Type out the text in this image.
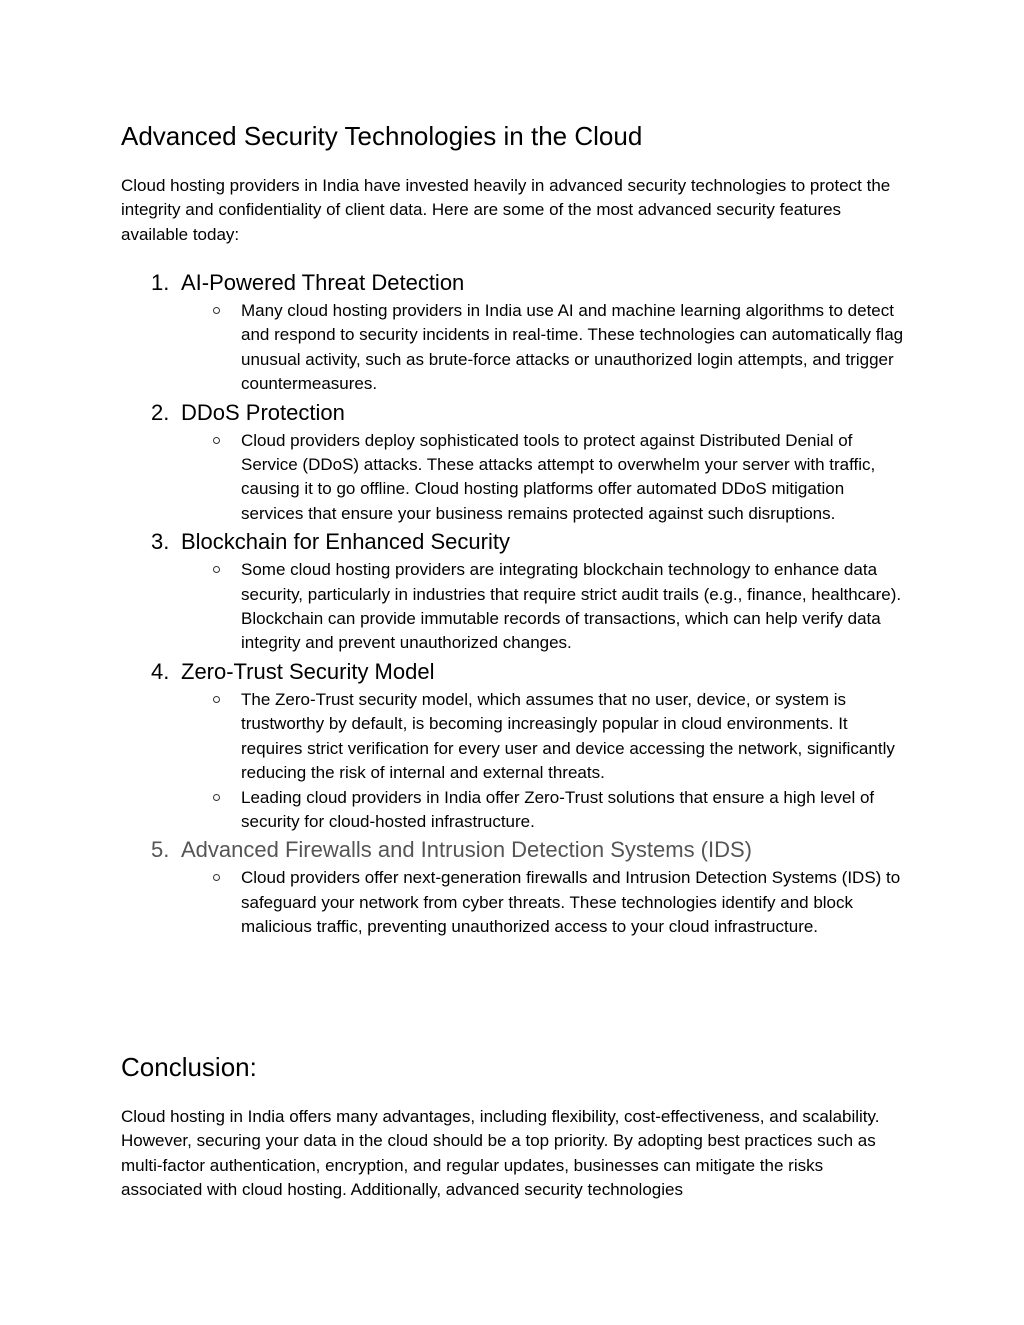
Advanced Security Technologies in the Cloud

Cloud hosting providers in India have invested heavily in advanced security technologies to protect the integrity and confidentiality of client data. Here are some of the most advanced security features available today:

1. AI-Powered Threat Detection
Many cloud hosting providers in India use AI and machine learning algorithms to detect and respond to security incidents in real-time. These technologies can automatically flag unusual activity, such as brute-force attacks or unauthorized login attempts, and trigger countermeasures.
2. DDoS Protection
Cloud providers deploy sophisticated tools to protect against Distributed Denial of Service (DDoS) attacks. These attacks attempt to overwhelm your server with traffic, causing it to go offline. Cloud hosting platforms offer automated DDoS mitigation services that ensure your business remains protected against such disruptions.
3. Blockchain for Enhanced Security
Some cloud hosting providers are integrating blockchain technology to enhance data security, particularly in industries that require strict audit trails (e.g., finance, healthcare). Blockchain can provide immutable records of transactions, which can help verify data integrity and prevent unauthorized changes.
4. Zero-Trust Security Model
The Zero-Trust security model, which assumes that no user, device, or system is trustworthy by default, is becoming increasingly popular in cloud environments. It requires strict verification for every user and device accessing the network, significantly reducing the risk of internal and external threats.
Leading cloud providers in India offer Zero-Trust solutions that ensure a high level of security for cloud-hosted infrastructure.
5. Advanced Firewalls and Intrusion Detection Systems (IDS)
Cloud providers offer next-generation firewalls and Intrusion Detection Systems (IDS) to safeguard your network from cyber threats. These technologies identify and block malicious traffic, preventing unauthorized access to your cloud infrastructure.
Conclusion:

Cloud hosting in India offers many advantages, including flexibility, cost-effectiveness, and scalability. However, securing your data in the cloud should be a top priority. By adopting best practices such as multi-factor authentication, encryption, and regular updates, businesses can mitigate the risks associated with cloud hosting. Additionally, advanced security technologies
